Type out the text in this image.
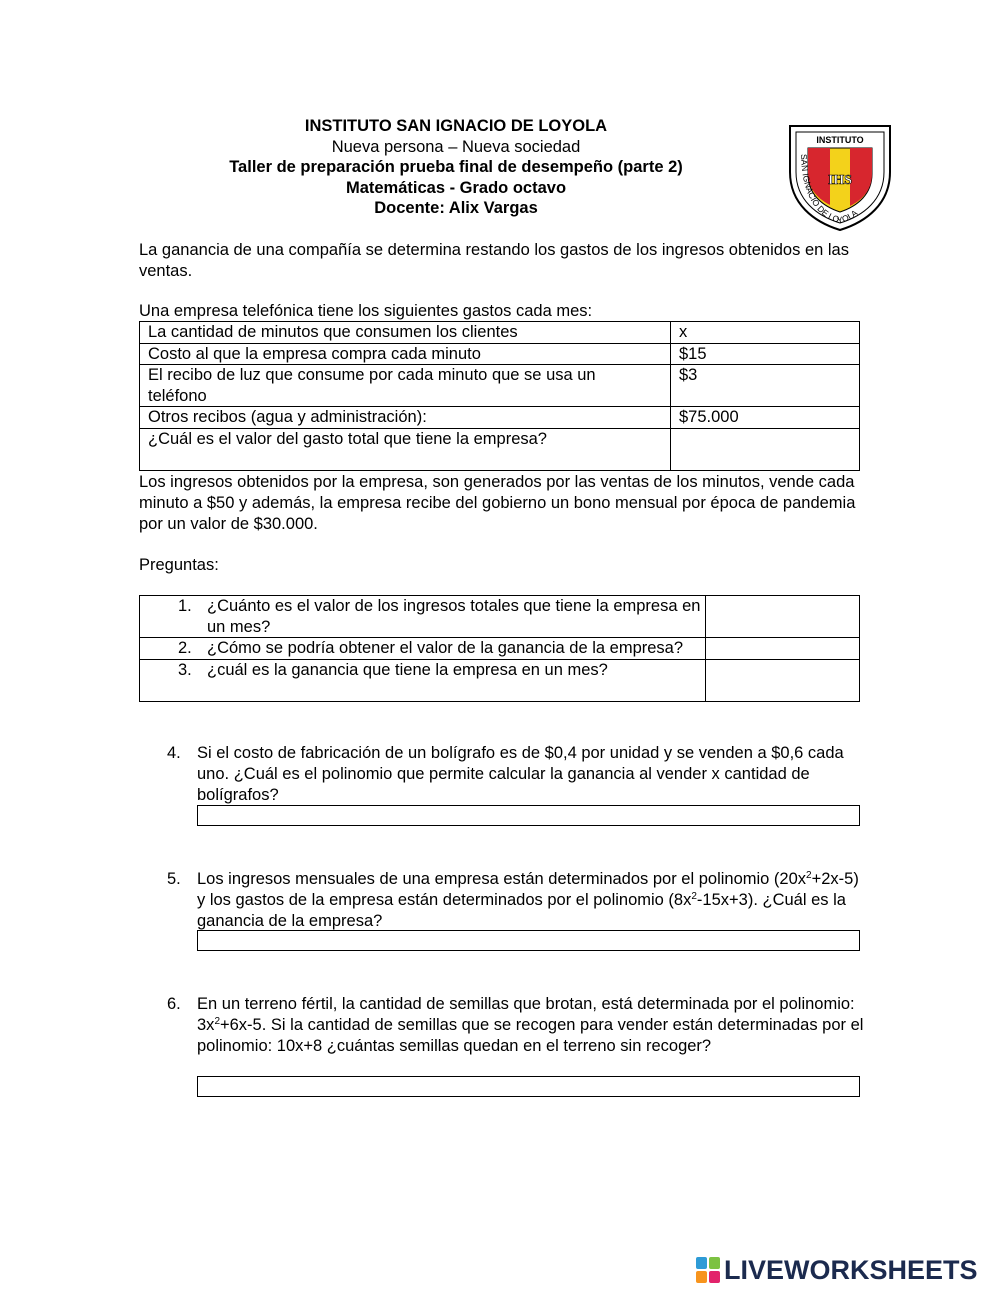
INSTITUTO SAN IGNACIO DE LOYOLA
Nueva persona – Nueva sociedad
Taller de preparación prueba final de desempeño (parte 2)
Matemáticas - Grado octavo
Docente: Alix Vargas
INSTITUTO
SAN IGNACIO DE LOYOLA
IHS
La ganancia de una compañía se determina restando los gastos de los ingresos obtenidos en las ventas.
Una empresa telefónica tiene los siguientes gastos cada mes:
La cantidad de minutos que consumen los clientes	x
Costo al que la empresa compra cada minuto	$15
El recibo de luz que consume por cada minuto que se usa un teléfono	$3
Otros recibos (agua y administración):	$75.000
¿Cuál es el valor del gasto total que tiene la empresa?	
Los ingresos obtenidos por la empresa, son generados por las ventas de los minutos, vende cada minuto a $50 y además, la empresa recibe del gobierno un bono mensual por época de pandemia por un valor de $30.000.
Preguntas:
1. ¿Cuánto es el valor de los ingresos totales que tiene la empresa en un mes?	

2. ¿Cómo se podría obtener el valor de la ganancia de la empresa?	

3. ¿cuál es la ganancia que tiene la empresa en un mes?	

4. Si el costo de fabricación de un bolígrafo es de $0,4 por unidad y se venden a $0,6 cada uno. ¿Cuál es el polinomio que permite calcular la ganancia al vender x cantidad de bolígrafos?
5. Los ingresos mensuales de una empresa están determinados por el polinomio $(20x^2+2x-5)$ y los gastos de la empresa están determinados por el polinomio $(8x^2-15x+3)$. ¿Cuál es la ganancia de la empresa?
6. En un terreno fértil, la cantidad de semillas que brotan, está determinada por el polinomio: $3x^2+6x-5$. Si la cantidad de semillas que se recogen para vender están determinadas por el polinomio: 10x+8 ¿cuántas semillas quedan en el terreno sin recoger?
LIVEWORKSHEETS
